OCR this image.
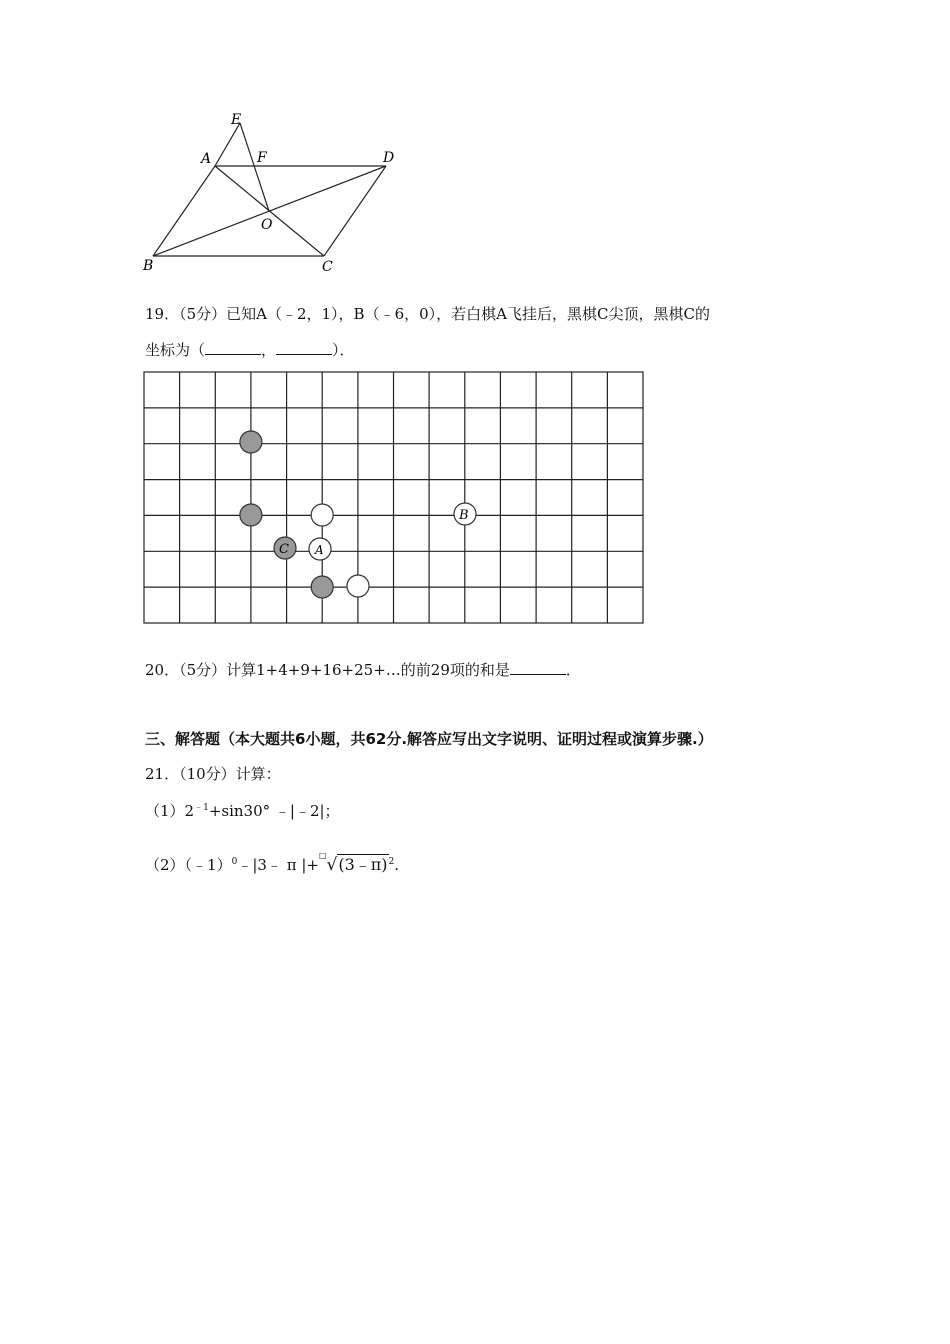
E
A	F	D
O
B	C
19．（5分）已知A（﹣2，1），B（﹣6，0），若白棋A飞挂后，黑棋C尖顶，黑棋C的
坐标为（	，	）．
C A
B
20．（5分）计算1+4+9+16+25+…的前29项的和是	．
三、解答题（本大题共6小题，共62分.解答应写出文字说明、证明过程或演算步骤.）
21．（10分）计算：
$(1)2^{﹣1}+\sin 30^\circ$ ﹣|﹣2|；
（2）（﹣1）$^0$﹣|3﹣ π |+□√(3﹣π)$^2$.
